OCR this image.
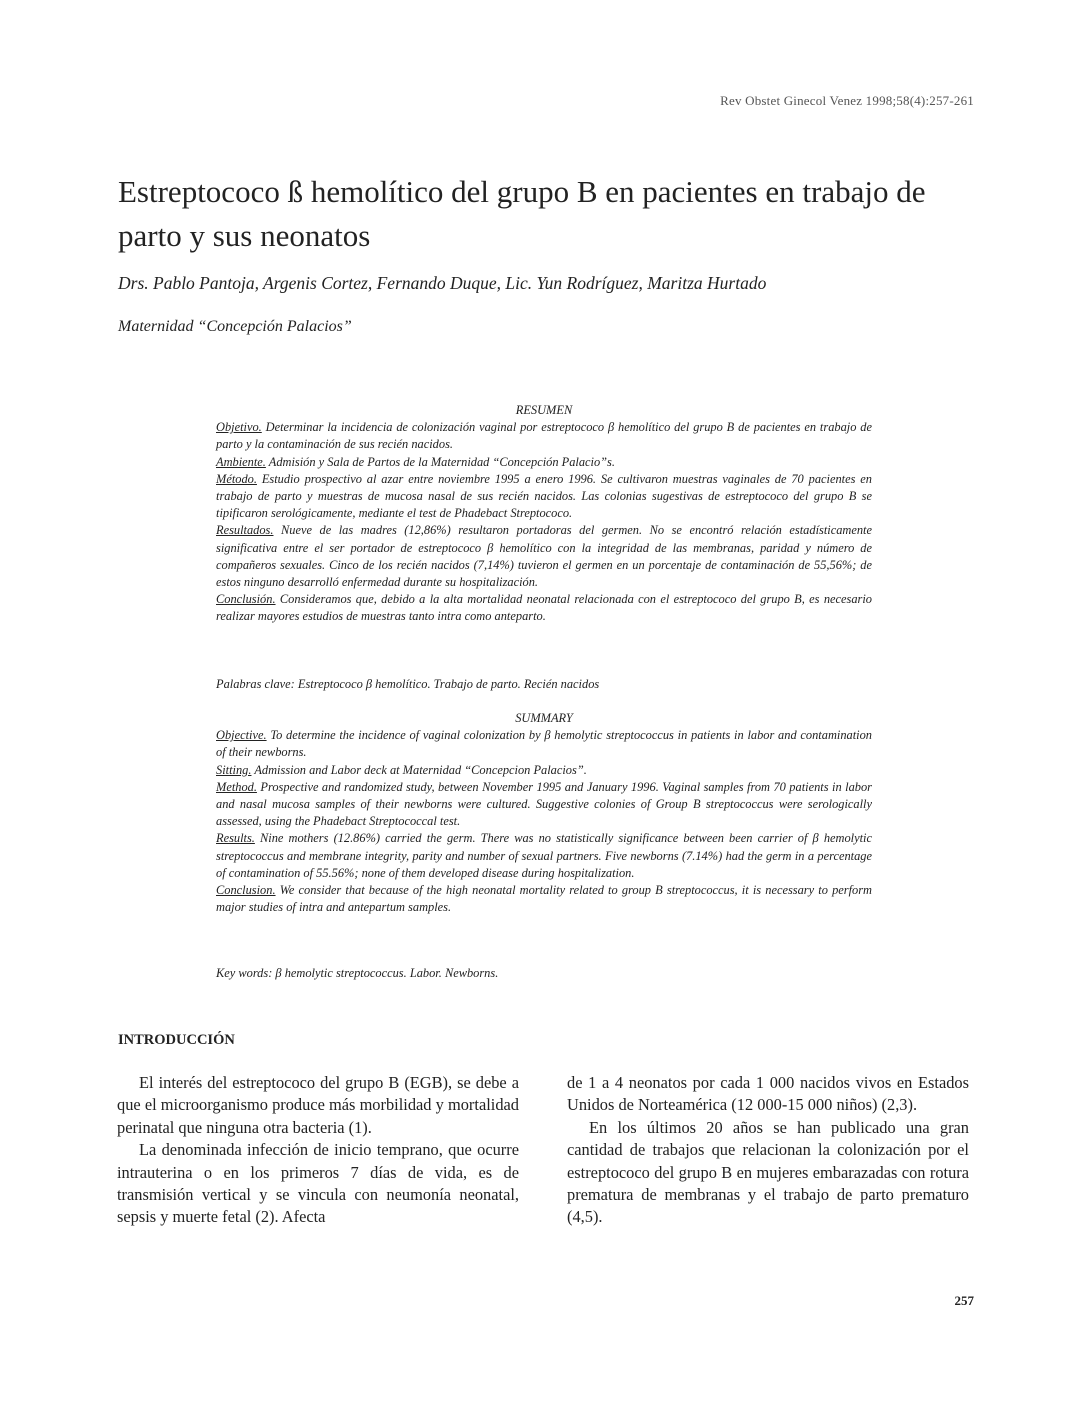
Rev Obstet Ginecol Venez 1998;58(4):257-261
Estreptococo ß hemolítico del grupo B en pacientes en trabajo de parto y sus neonatos
Drs. Pablo Pantoja, Argenis Cortez, Fernando Duque, Lic. Yun Rodríguez, Maritza Hurtado
Maternidad “Concepción Palacios”

RESUMEN

Objetivo. Determinar la incidencia de colonización vaginal por estreptococo β hemolítico del grupo B de pacientes en trabajo de parto y la contaminación de sus recién nacidos.

Ambiente. Admisión y Sala de Partos de la Maternidad “Concepción Palacio”s.

Método. Estudio prospectivo al azar entre noviembre 1995 a enero 1996. Se cultivaron muestras vaginales de 70 pacientes en trabajo de parto y muestras de mucosa nasal de sus recién nacidos. Las colonias sugestivas de estreptococo del grupo B se tipificaron serológicamente, mediante el test de Phadebact Streptococo.

Resultados. Nueve de las madres (12,86%) resultaron portadoras del germen. No se encontró relación estadísticamente significativa entre el ser portador de estreptococo β hemolítico con la integridad de las membranas, paridad y número de compañeros sexuales. Cinco de los recién nacidos (7,14%) tuvieron el germen en un porcentaje de contaminación de 55,56%; de estos ninguno desarrolló enfermedad durante su hospitalización.

Conclusión. Consideramos que, debido a la alta mortalidad neonatal relacionada con el estreptococo del grupo B, es necesario realizar mayores estudios de muestras tanto intra como anteparto.

Palabras clave: Estreptococo β hemolítico. Trabajo de parto. Recién nacidos

SUMMARY

Objective. To determine the incidence of vaginal colonization by β hemolytic streptococcus in patients in labor and contamination of their newborns.

Sitting. Admission and Labor deck at Maternidad “Concepcion Palacios”.

Method. Prospective and randomized study, between November 1995 and January 1996. Vaginal samples from 70 patients in labor and nasal mucosa samples of their newborns were cultured. Suggestive colonies of Group B streptococcus were serologically assessed, using the Phadebact Streptococcal test.

Results. Nine mothers (12.86%) carried the germ. There was no statistically significance between been carrier of β hemolytic streptococcus and membrane integrity, parity and number of sexual partners. Five newborns (7.14%) had the germ in a percentage of contamination of 55.56%; none of them developed disease during hospitalization.

Conclusion. We consider that because of the high neonatal mortality related to group B streptococcus, it is necessary to perform major studies of intra and antepartum samples.

Key words: β hemolytic streptococcus. Labor. Newborns.
INTRODUCCIÓN

El interés del estreptococo del grupo B (EGB), se debe a que el microorganismo produce más morbilidad y mortalidad perinatal que ninguna otra bacteria (1).

La denominada infección de inicio temprano, que ocurre intrauterina o en los primeros 7 días de vida, es de transmisión vertical y se vincula con neumonía neonatal, sepsis y muerte fetal (2). Afecta

de 1 a 4 neonatos por cada 1 000 nacidos vivos en Estados Unidos de Norteamérica (12 000-15 000 niños) (2,3).

En los últimos 20 años se han publicado una gran cantidad de trabajos que relacionan la colonización por el estreptococo del grupo B en mujeres embarazadas con rotura prematura de membranas y el trabajo de parto prematuro (4,5).

257
